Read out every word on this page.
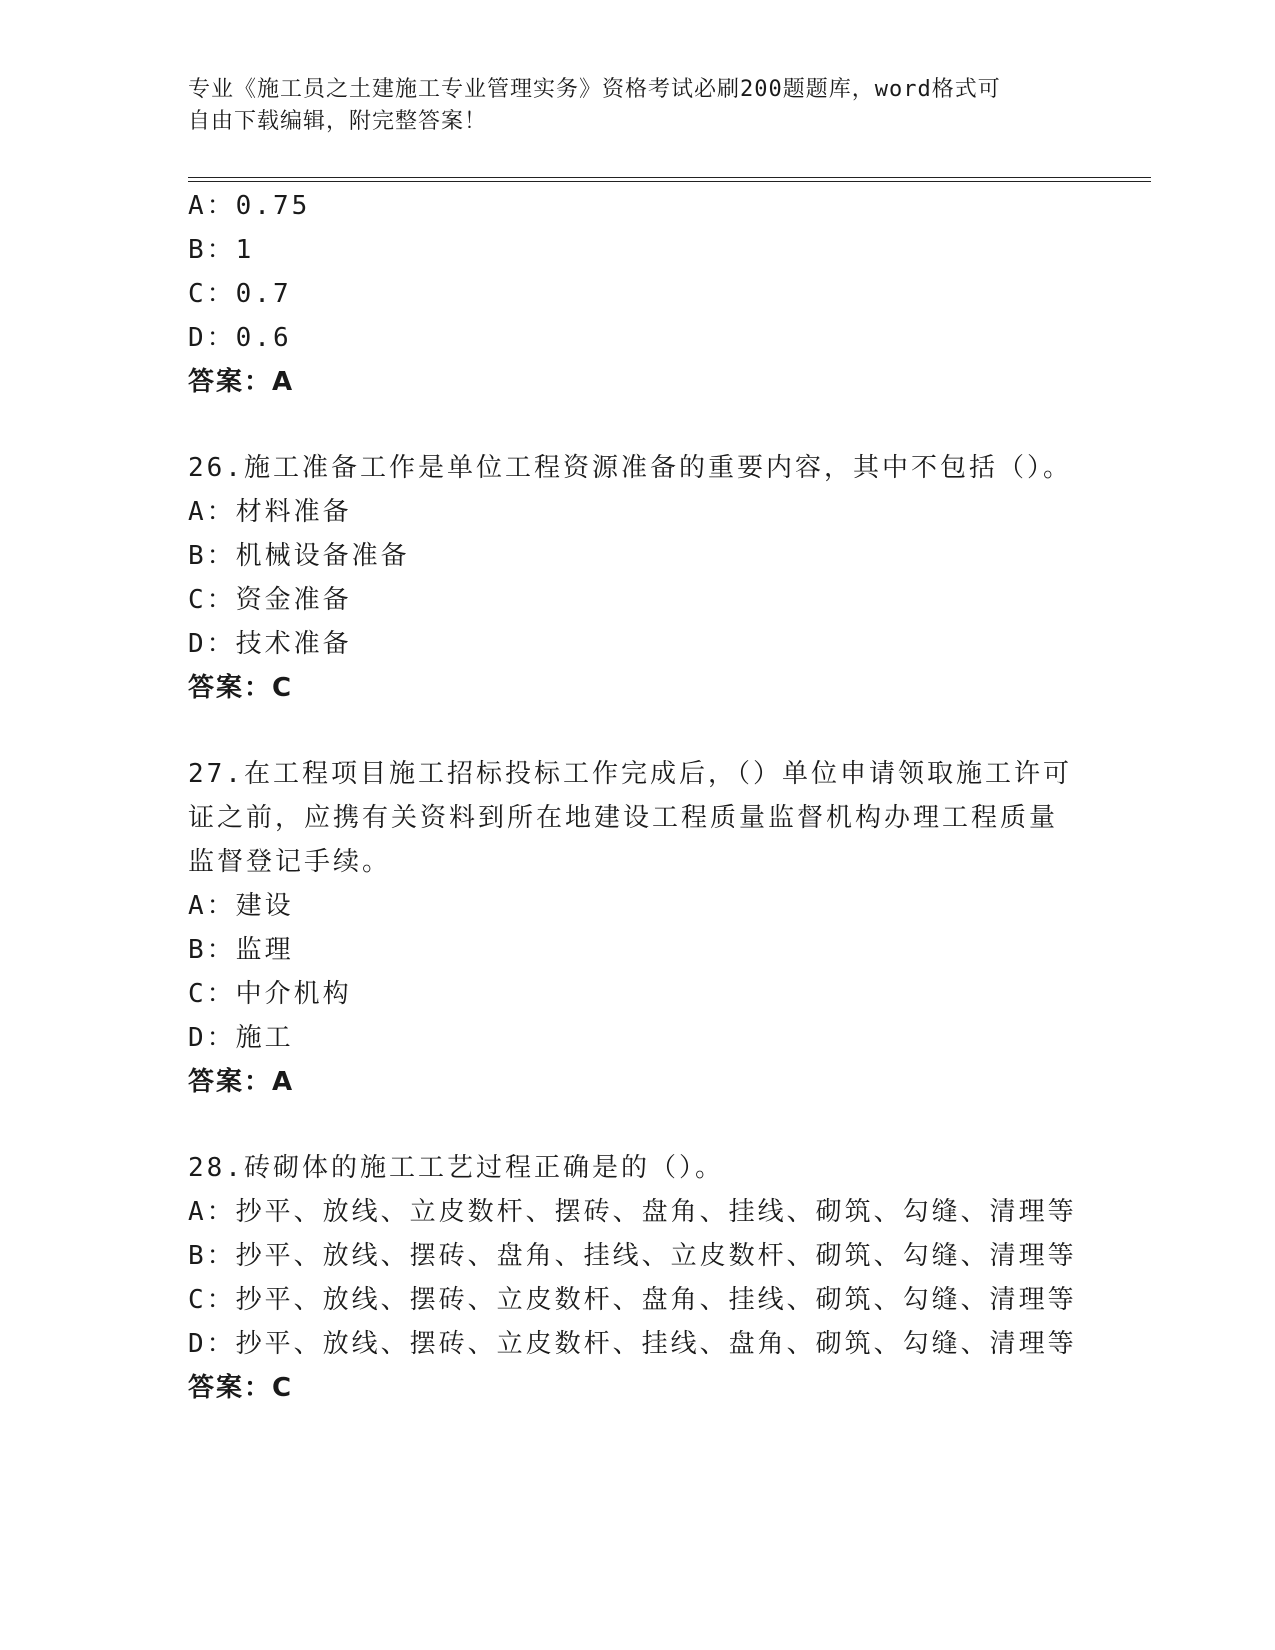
专业《施工员之土建施工专业管理实务》资格考试必刷200题题库，word格式可
自由下载编辑，附完整答案！
A：0.75
B：1
C：0.7
D：0.6
答案：A
26.施工准备工作是单位工程资源准备的重要内容，其中不包括（）。
A：材料准备
B：机械设备准备
C：资金准备
D：技术准备
答案：C
27.在工程项目施工招标投标工作完成后，（）单位申请领取施工许可
证之前，应携有关资料到所在地建设工程质量监督机构办理工程质量
监督登记手续。
A：建设
B：监理
C：中介机构
D：施工
答案：A
28.砖砌体的施工工艺过程正确是的（）。
A：抄平、放线、立皮数杆、摆砖、盘角、挂线、砌筑、勾缝、清理等
B：抄平、放线、摆砖、盘角、挂线、立皮数杆、砌筑、勾缝、清理等
C：抄平、放线、摆砖、立皮数杆、盘角、挂线、砌筑、勾缝、清理等
D：抄平、放线、摆砖、立皮数杆、挂线、盘角、砌筑、勾缝、清理等
答案：C
